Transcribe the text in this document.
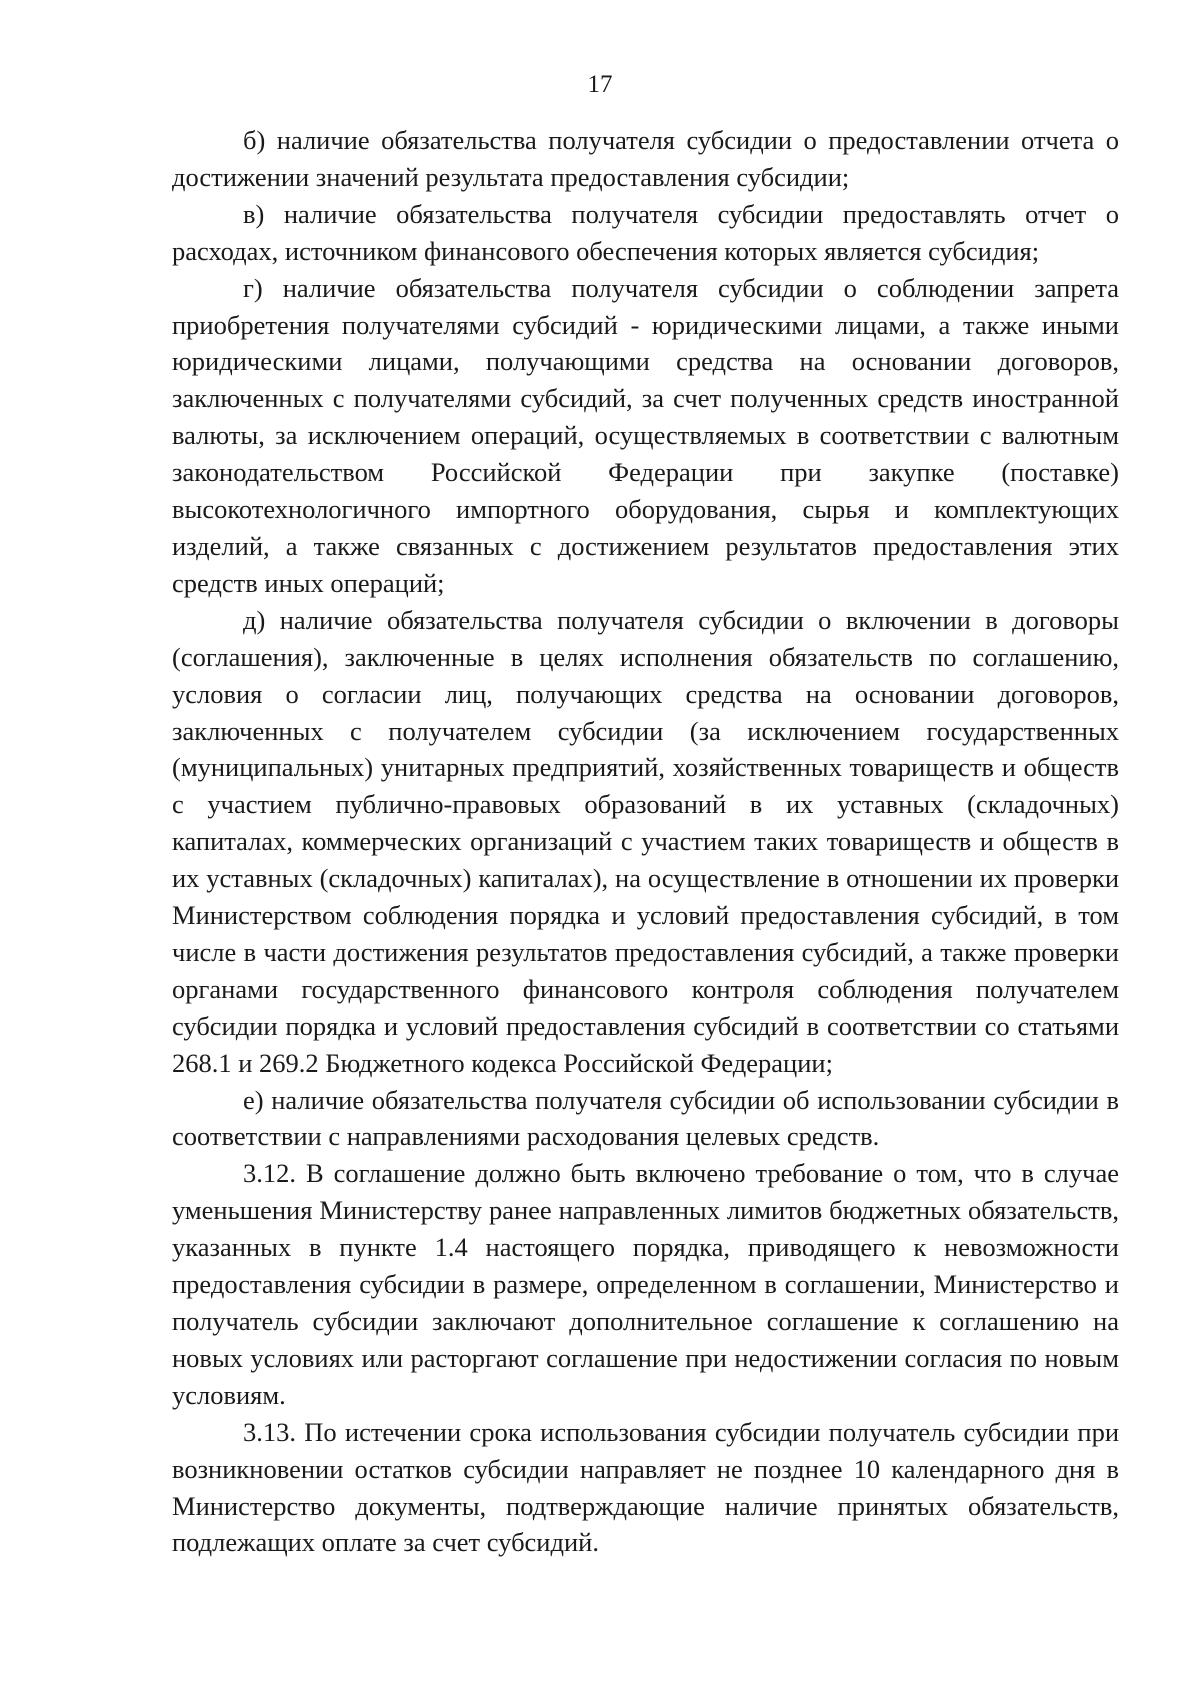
17

б) наличие обязательства получателя субсидии о предоставлении отчета о достижении значений результата предоставления субсидии;

в) наличие обязательства получателя субсидии предоставлять отчет о расходах, источником финансового обеспечения которых является субсидия;

г) наличие обязательства получателя субсидии о соблюдении запрета приобретения получателями субсидий - юридическими лицами, а также иными юридическими лицами, получающими средства на основании договоров, заключенных с получателями субсидий, за счет полученных средств иностранной валюты, за исключением операций, осуществляемых в соответствии с валютным законодательством Российской Федерации при закупке (поставке) высокотехнологичного импортного оборудования, сырья и комплектующих изделий, а также связанных с достижением результатов предоставления этих средств иных операций;

д) наличие обязательства получателя субсидии о включении в договоры (соглашения), заключенные в целях исполнения обязательств по соглашению, условия о согласии лиц, получающих средства на основании договоров, заключенных с получателем субсидии (за исключением государственных (муниципальных) унитарных предприятий, хозяйственных товариществ и обществ с участием публично-правовых образований в их уставных (складочных) капиталах, коммерческих организаций с участием таких товариществ и обществ в их уставных (складочных) капиталах), на осуществление в отношении их проверки Министерством соблюдения порядка и условий предоставления субсидий, в том числе в части достижения результатов предоставления субсидий, а также проверки органами государственного финансового контроля соблюдения получателем субсидии порядка и условий предоставления субсидий в соответствии со статьями 268.1 и 269.2 Бюджетного кодекса Российской Федерации;

е) наличие обязательства получателя субсидии об использовании субсидии в соответствии с направлениями расходования целевых средств.

3.12. В соглашение должно быть включено требование о том, что в случае уменьшения Министерству ранее направленных лимитов бюджетных обязательств, указанных в пункте 1.4 настоящего порядка, приводящего к невозможности предоставления субсидии в размере, определенном в соглашении, Министерство и получатель субсидии заключают дополнительное соглашение к соглашению на новых условиях или расторгают соглашение при недостижении согласия по новым условиям.

3.13. По истечении срока использования субсидии получатель субсидии при возникновении остатков субсидии направляет не позднее 10 календарного дня в Министерство документы, подтверждающие наличие принятых обязательств, подлежащих оплате за счет субсидий.
